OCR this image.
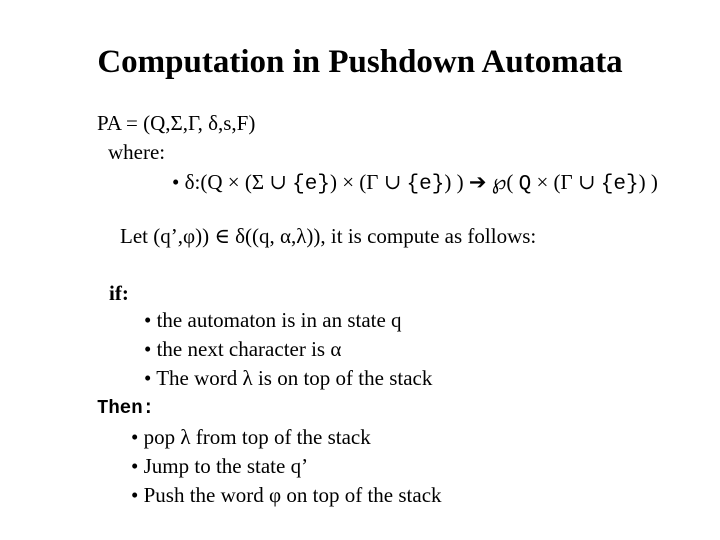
Computation in Pushdown Automata
PA = (Q,Σ,Γ, δ,s,F)
where:
• δ:(Q × (Σ ∪ {e}) × (Γ ∪ {e}) ) ➔ ℘( Q × (Γ ∪ {e}) )
Let (q’,φ)) ∈ δ((q, α,λ)), it is compute as follows:
if:
• the automaton is in an state q
• the next character is α
• The word λ is on top of the stack
Then:
• pop λ from top of the stack
• Jump to the state q’
• Push the word φ on top of the stack
